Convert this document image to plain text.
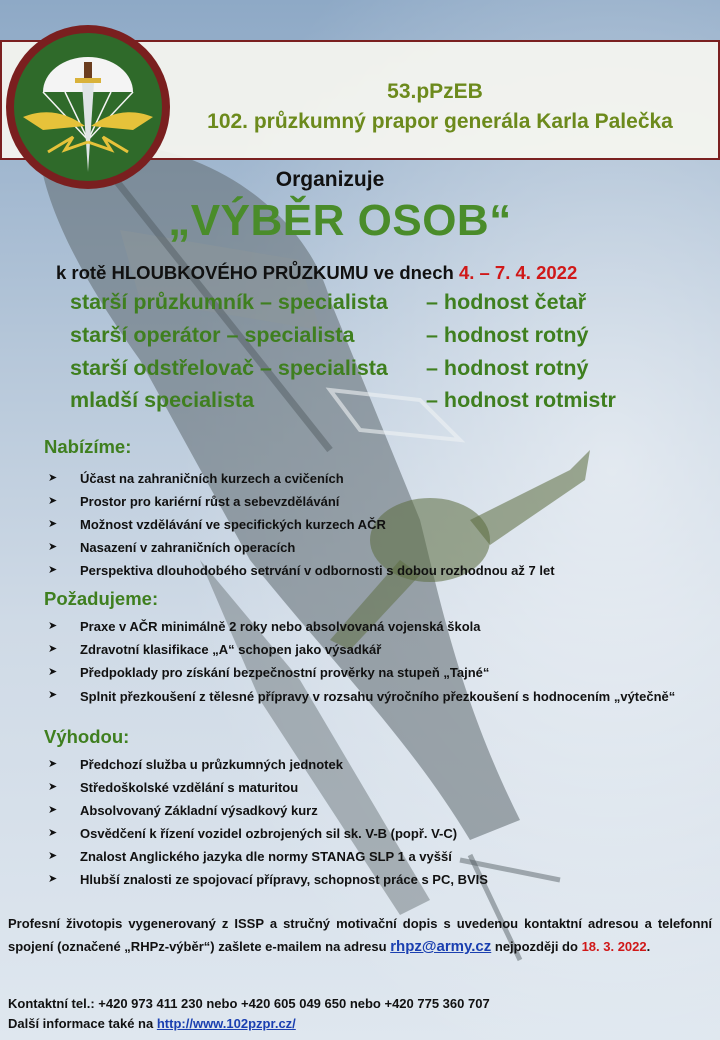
53.pPzEB
102. průzkumný prapor generála Karla Palečka
Organizuje
„VÝBĚR OSOB“
k rotě HLOUBKOVÉHO PRŮZKUMU ve dnech 4. – 7. 4. 2022
starší průzkumník – specialista – hodnost četař
starší operátor – specialista	– hodnost rotný
starší odstřelovač – specialista – hodnost rotný
mladší specialista	– hodnost rotmistr
Nabízíme:
➤ Účast na zahraničních kurzech a cvičeních
➤ Prostor pro kariérní růst a sebevzdělávání
➤ Možnost vzdělávání ve specifických kurzech AČR
➤ Nasazení v zahraničních operacích
➤ Perspektiva dlouhodobého setrvání v odbornosti s dobou rozhodnou až 7 let
Požadujeme:
➤ Praxe v AČR minimálně 2 roky nebo absolvovaná vojenská škola
➤ Zdravotní klasifikace „A“ schopen jako výsadkář
➤ Předpoklady pro získání bezpečnostní prověrky na stupeň „Tajné“
➤ Splnit přezkoušení z tělesné přípravy v rozsahu výročního přezkoušení s hodnocením „výtečně“
Výhodou:
➤ Předchozí služba u průzkumných jednotek
➤ Středoškolské vzdělání s maturitou
➤ Absolvovaný Základní výsadkový kurz
➤ Osvědčení k řízení vozidel ozbrojených sil sk. V-B (popř. V-C)
➤ Znalost Anglického jazyka dle normy STANAG SLP 1 a vyšší
➤ Hlubší znalosti ze spojovací přípravy, schopnost práce s PC, BVIS
Profesní životopis vygenerovaný z ISSP a stručný motivační dopis s uvedenou kontaktní adresou a telefonní spojení (označené „RHPz-výběr“) zašlete e-mailem na adresu rhpz@army.cz nejpozději do 18. 3. 2022.
Kontaktní tel.: +420 973 411 230 nebo +420 605 049 650 nebo +420 775 360 707
Další informace také na http://www.102pzpr.cz/
